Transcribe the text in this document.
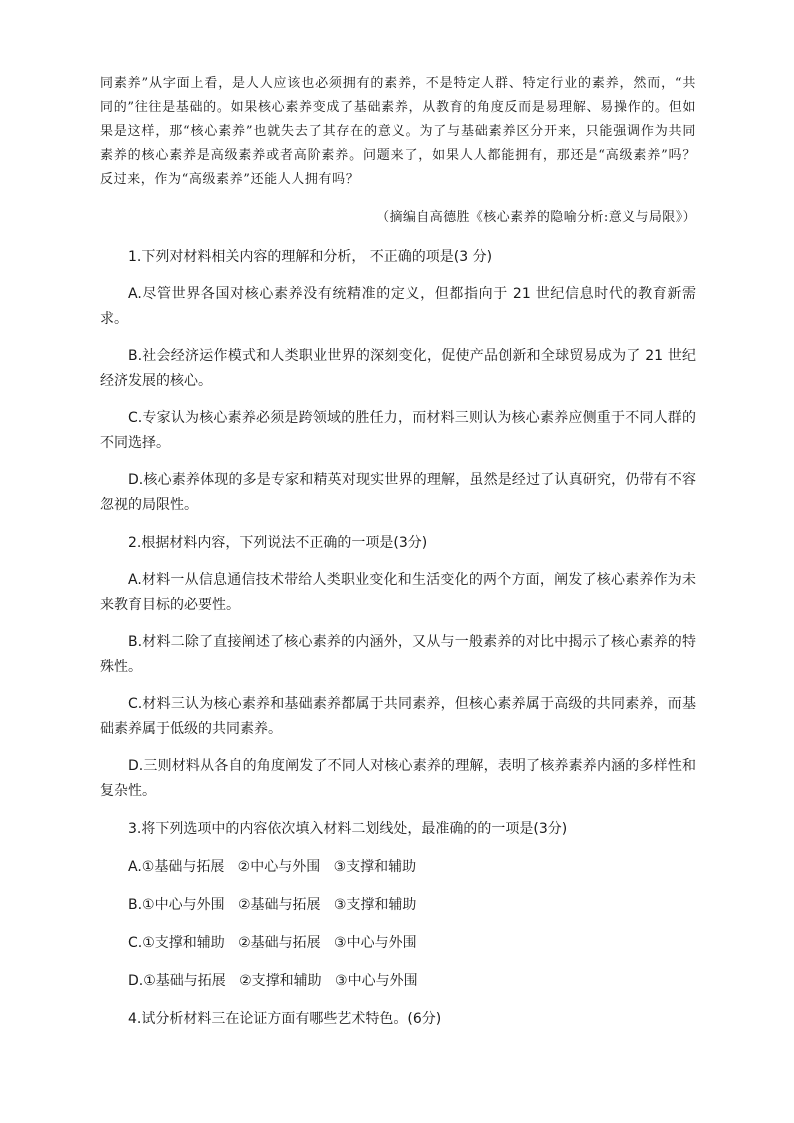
同素养”从字面上看，是人人应该也必须拥有的素养，不是特定人群、特定行业的素养，然而，“共同的”往往是基础的。如果核心素养变成了基础素养，从教育的角度反而是易理解、易操作的。但如果是这样，那“核心素养”也就失去了其存在的意义。为了与基础素养区分开来，只能强调作为共同素养的核心素养是高级素养或者高阶素养。问题来了，如果人人都能拥有，那还是“高级素养”吗？反过来，作为“高级素养”还能人人拥有吗？

（摘编自高德胜《核心素养的隐喻分析:意义与局限》）

1.下列对材料相关内容的理解和分析， 不正确的项是(3 分)

A.尽管世界各国对核心素养没有统精准的定义，但都指向于 21 世纪信息时代的教育新需求。

B.社会经济运作模式和人类职业世界的深刻变化，促使产品创新和全球贸易成为了 21 世纪经济发展的核心。

C.专家认为核心素养必须是跨领域的胜任力，而材料三则认为核心素养应侧重于不同人群的不同选择。

D.核心素养体现的多是专家和精英对现实世界的理解，虽然是经过了认真研究，仍带有不容忽视的局限性。

2.根据材料内容，下列说法不正确的一项是(3分)

A.材料一从信息通信技术带给人类职业变化和生活变化的两个方面，阐发了核心素养作为未来教育目标的必要性。

B.材料二除了直接阐述了核心素养的内涵外，又从与一般素养的对比中揭示了核心素养的特殊性。

C.材料三认为核心素养和基础素养都属于共同素养，但核心素养属于高级的共同素养，而基础素养属于低级的共同素养。

D.三则材料从各自的角度阐发了不同人对核心素养的理解，表明了核养素养内涵的多样性和复杂性。

3.将下列选项中的内容依次填入材料二划线处，最准确的的一项是(3分)

A.①基础与拓展   ②中心与外围   ③支撑和辅助

B.①中心与外围   ②基础与拓展   ③支撑和辅助

C.①支撑和辅助   ②基础与拓展   ③中心与外围

D.①基础与拓展   ②支撑和辅助   ③中心与外围

4.试分析材料三在论证方面有哪些艺术特色。(6分)
